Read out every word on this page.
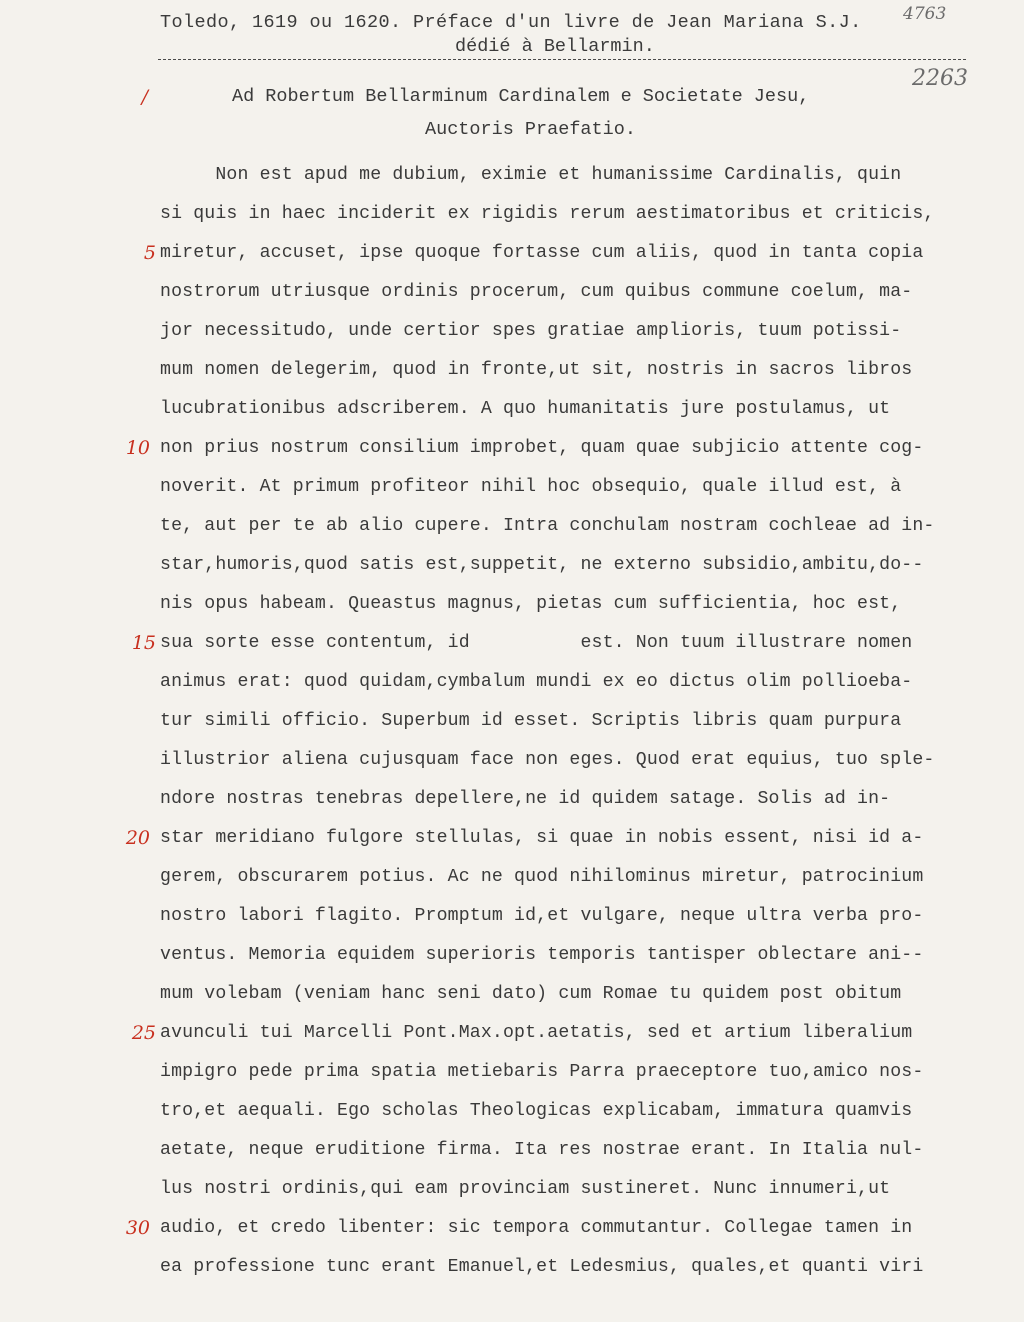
Toledo, 1619 ou 1620. Préface d'un livre de Jean Mariana S.J.
dédié à Bellarmin.
4763
2263
Ad Robertum Bellarminum Cardinalem e Societate Jesu,
Auctoris Praefatio.
/
5
10
15
20
25
30
Non est apud me dubium, eximie et humanissime Cardinalis, quin
si quis in haec inciderit ex rigidis rerum aestimatoribus et criticis,
miretur, accuset, ipse quoque fortasse cum aliis, quod in tanta copia
nostrorum utriusque ordinis procerum, cum quibus commune coelum, ma-
jor necessitudo, unde certior spes gratiae amplioris, tuum potissi-
mum nomen delegerim, quod in fronte,ut sit, nostris in sacros libros
lucubrationibus adscriberem. A quo humanitatis jure postulamus, ut
non prius nostrum consilium improbet, quam quae subjicio attente cog-
noverit. At primum profiteor nihil hoc obsequio, quale illud est, à
te, aut per te ab alio cupere. Intra conchulam nostram cochleae ad in-
star,humoris,quod satis est,suppetit, ne externo subsidio,ambitu,do--
nis opus habeam. Queastus magnus, pietas cum sufficientia, hoc est,
sua sorte esse contentum, id          est. Non tuum illustrare nomen
animus erat: quod quidam,cymbalum mundi ex eo dictus olim pollioeba-
tur simili officio. Superbum id esset. Scriptis libris quam purpura
illustrior aliena cujusquam face non eges. Quod erat equius, tuo sple-
ndore nostras tenebras depellere,ne id quidem satage. Solis ad in-
star meridiano fulgore stellulas, si quae in nobis essent, nisi id a-
gerem, obscurarem potius. Ac ne quod nihilominus miretur, patrocinium
nostro labori flagito. Promptum id,et vulgare, neque ultra verba pro-
ventus. Memoria equidem superioris temporis tantisper oblectare ani--
mum volebam (veniam hanc seni dato) cum Romae tu quidem post obitum
avunculi tui Marcelli Pont.Max.opt.aetatis, sed et artium liberalium
impigro pede prima spatia metiebaris Parra praeceptore tuo,amico nos-
tro,et aequali. Ego scholas Theologicas explicabam, immatura quamvis
aetate, neque eruditione firma. Ita res nostrae erant. In Italia nul-
lus nostri ordinis,qui eam provinciam sustineret. Nunc innumeri,ut
audio, et credo libenter: sic tempora commutantur. Collegae tamen in
ea professione tunc erant Emanuel,et Ledesmius, quales,et quanti viri
